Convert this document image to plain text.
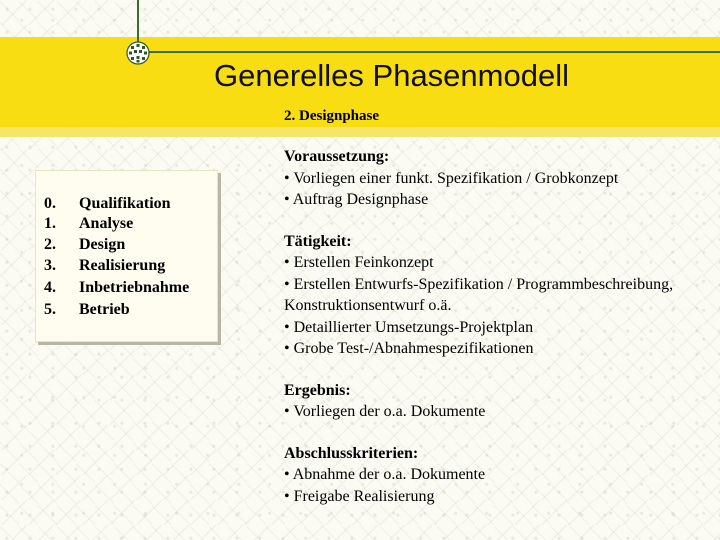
Generelles Phasenmodell
2. Designphase
0. Qualifikation
1. Analyse
2. Design
3. Realisierung
4. Inbetriebnahme
5. Betrieb
Voraussetzung:
• Vorliegen einer funkt. Spezifikation / Grobkonzept
• Auftrag Designphase
Tätigkeit:
• Erstellen Feinkonzept
• Erstellen Entwurfs-Spezifikation / Programmbeschreibung,
Konstruktionsentwurf o.ä.
• Detaillierter Umsetzungs-Projektplan
• Grobe Test-/Abnahmespezifikationen
Ergebnis:
• Vorliegen der o.a. Dokumente
Abschlusskriterien:
• Abnahme der o.a. Dokumente
• Freigabe Realisierung
